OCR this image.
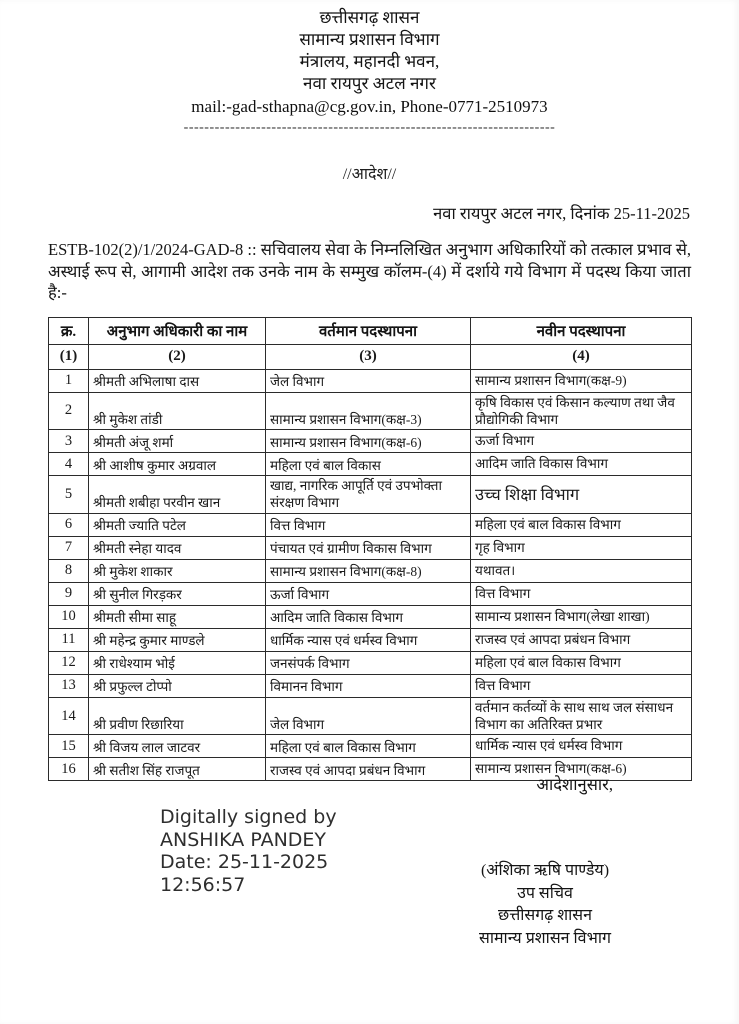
छत्तीसगढ़ शासन
सामान्य प्रशासन विभाग
मंत्रालय, महानदी भवन,
नवा रायपुर अटल नगर
mail:-gad-sthapna@cg.gov.in, Phone-0771-2510973
------------------------------------------------------------------------
//आदेश//
नवा रायपुर अटल नगर, दिनांक 25-11-2025
ESTB-102(2)/1/2024-GAD-8 :: सचिवालय सेवा के निम्नलिखित अनुभाग अधिकारियों को तत्काल प्रभाव से, अस्थाई रूप से, आगामी आदेश तक उनके नाम के सम्मुख कॉलम-(4) में दर्शाये गये विभाग में पदस्थ किया जाता है:-
क्र.	अनुभाग अधिकारी का नाम	वर्तमान पदस्थापना	नवीन पदस्थापना
(1)	(2)	(3)	(4)
1	श्रीमती अभिलाषा दास	जेल विभाग	सामान्य प्रशासन विभाग(कक्ष-9)
2	श्री मुकेश तांडी	सामान्य प्रशासन विभाग(कक्ष-3)	कृषि विकास एवं किसान कल्याण तथा जैव प्रौद्योगिकी विभाग
3	श्रीमती अंजू शर्मा	सामान्य प्रशासन विभाग(कक्ष-6)	ऊर्जा विभाग
4	श्री आशीष कुमार अग्रवाल	महिला एवं बाल विकास	आदिम जाति विकास विभाग
5	श्रीमती शबीहा परवीन खान	खाद्य, नागरिक आपूर्ति एवं उपभोक्ता संरक्षण विभाग	उच्च शिक्षा विभाग
6	श्रीमती ज्याति पटेल	वित्त विभाग	महिला एवं बाल विकास विभाग
7	श्रीमती स्नेहा यादव	पंचायत एवं ग्रामीण विकास विभाग	गृह विभाग
8	श्री मुकेश शाकार	सामान्य प्रशासन विभाग(कक्ष-8)	यथावत।
9	श्री सुनील गिरड़कर	ऊर्जा विभाग	वित्त विभाग
10	श्रीमती सीमा साहू	आदिम जाति विकास विभाग	सामान्य प्रशासन विभाग(लेखा शाखा)
11	श्री महेन्द्र कुमार माण्डले	धार्मिक न्यास एवं धर्मस्व विभाग	राजस्व एवं आपदा प्रबंधन विभाग
12	श्री राधेश्याम भोई	जनसंपर्क विभाग	महिला एवं बाल विकास विभाग
13	श्री प्रफुल्ल टोप्पो	विमानन विभाग	वित्त विभाग
14	श्री प्रवीण रिछारिया	जेल विभाग	वर्तमान कर्तव्यों के साथ साथ जल संसाधन विभाग का अतिरिक्त प्रभार
15	श्री विजय लाल जाटवर	महिला एवं बाल विकास विभाग	धार्मिक न्यास एवं धर्मस्व विभाग
16	श्री सतीश सिंह राजपूत	राजस्व एवं आपदा प्रबंधन विभाग	सामान्य प्रशासन विभाग(कक्ष-6)
आदेशानुसार,
Digitally signed by
ANSHIKA PANDEY
Date: 25-11-2025
12:56:57
(अंशिका ऋषि पाण्डेय)
उप सचिव
छत्तीसगढ़ शासन
सामान्य प्रशासन विभाग
